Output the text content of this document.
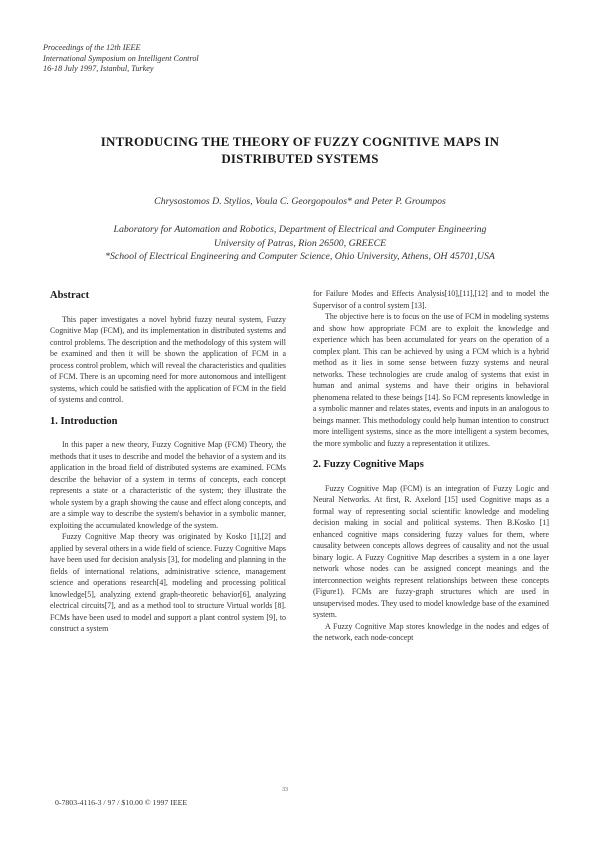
Proceedings of the 12th IEEE
International Symposium on Intelligent Control
16-18 July 1997, Istanbul, Turkey
INTRODUCING THE THEORY OF FUZZY COGNITIVE MAPS IN
DISTRIBUTED SYSTEMS
Chrysostomos D. Stylios, Voula C. Georgopoulos* and Peter P. Groumpos
Laboratory for Automation and Robotics, Department of Electrical and Computer Engineering
University of Patras, Rion 26500, GREECE
*School of Electrical Engineering and Computer Science, Ohio University, Athens, OH 45701,USA
Abstract

This paper investigates a novel hybrid fuzzy neural system, Fuzzy Cognitive Map (FCM), and its implementation in distributed systems and control problems. The description and the methodology of this system will be examined and then it will be shown the application of FCM in a process control problem, which will reveal the characteristics and qualities of FCM. There is an upcoming need for more autonomous and intelligent systems, which could be satisfied with the application of FCM in the field of systems and control.

1. Introduction

In this paper a new theory, Fuzzy Cognitive Map (FCM) Theory, the methods that it uses to describe and model the behavior of a system and its application in the broad field of distributed systems are examined. FCMs describe the behavior of a system in terms of concepts, each concept represents a state or a characteristic of the system; they illustrate the whole system by a graph showing the cause and effect along concepts, and are a simple way to describe the system's behavior in a symbolic manner, exploiting the accumulated knowledge of the system.

Fuzzy Cognitive Map theory was originated by Kosko [1],[2] and applied by several others in a wide field of science. Fuzzy Cognitive Maps have been used for decision analysis [3], for modeling and planning in the fields of international relations, administrative science, management science and operations research[4], modeling and processing political knowledge[5], analyzing extend graph-theoretic behavior[6], analyzing electrical circuits[7], and as a method tool to structure Virtual worlds [8]. FCMs have been used to model and support a plant control system [9], to construct a system

for Failure Modes and Effects Analysis[10],[11],[12] and to model the Supervisor of a control system [13].

The objective here is to focus on the use of FCM in modeling systems and show how appropriate FCM are to exploit the knowledge and experience which has been accumulated for years on the operation of a complex plant. This can be achieved by using a FCM which is a hybrid method as it lies in some sense between fuzzy systems and neural networks. These technologies are crude analog of systems that exist in human and animal systems and have their origins in behavioral phenomena related to these beings [14]. So FCM represents knowledge in a symbolic manner and relates states, events and inputs in an analogous to beings manner. This methodology could help human intention to construct more intelligent systems, since as the more intelligent a system becomes, the more symbolic and fuzzy a representation it utilizes.

2. Fuzzy Cognitive Maps

Fuzzy Cognitive Map (FCM) is an integration of Fuzzy Logic and Neural Networks. At first, R. Axelord [15] used Cognitive maps as a formal way of representing social scientific knowledge and modeling decision making in social and political systems. Then B.Kosko [1] enhanced cognitive maps considering fuzzy values for them, where causality between concepts allows degrees of causality and not the usual binary logic. A Fuzzy Cognitive Map describes a system in a one layer network whose nodes can be assigned concept meanings and the interconnection weights represent relationships between these concepts (Figure1). FCMs are fuzzy-graph structures which are used in unsupervised modes. They used to model knowledge base of the examined system.

A Fuzzy Cognitive Map stores knowledge in the nodes and edges of the network, each node-concept

33
0-7803-4116-3 / 97 / $10.00 © 1997 IEEE
